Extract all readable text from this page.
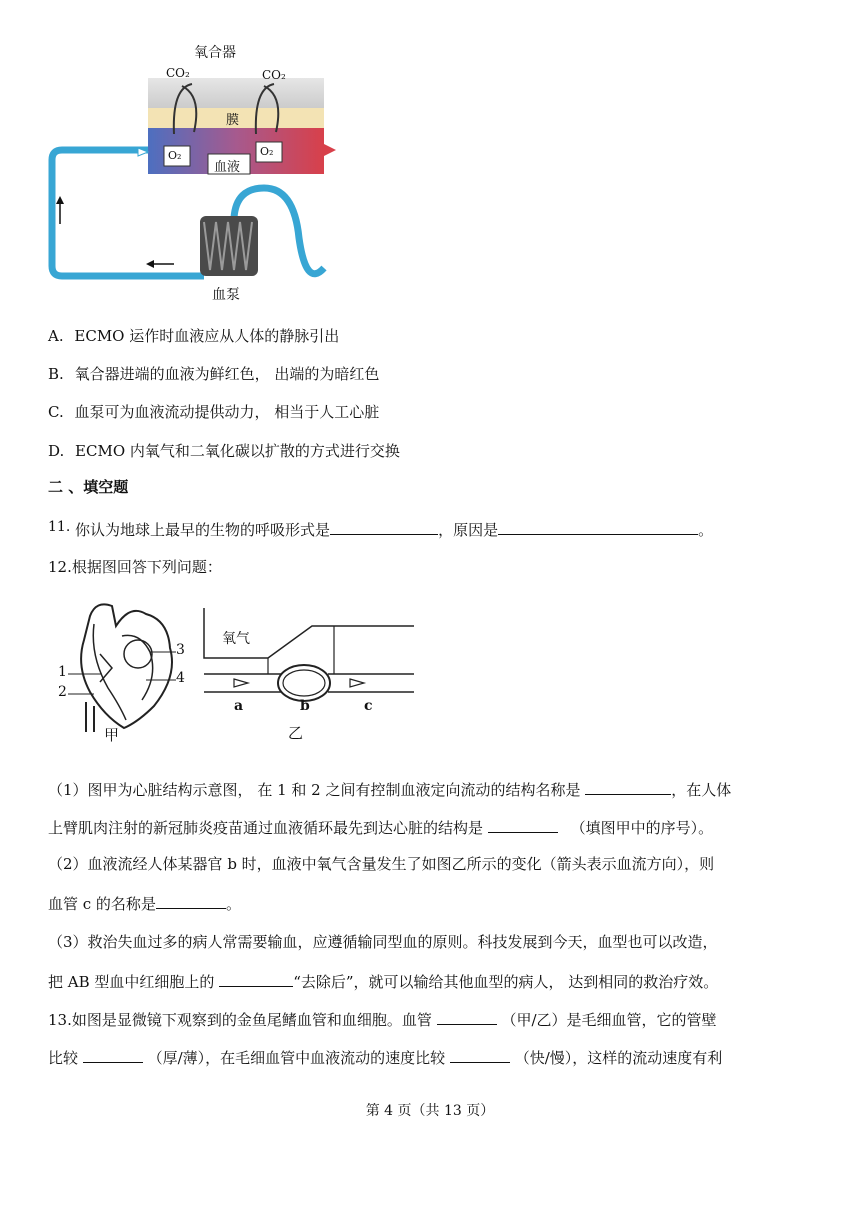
氧合器
CO₂	CO₂
膜
O₂	O₂
血液
血泵
A. ECMO 运作时血液应从人体的静脉引出
B. 氧合器进端的血液为鲜红色， 出端的为暗红色
C. 血泵可为血液流动提供动力， 相当于人工心脏
D. ECMO 内氧气和二氧化碳以扩散的方式进行交换
二 、填空题
11. 你认为地球上最早的生物的呼吸形式是	，原因是	。
12.根据图回答下列问题：
1
2
3
4
甲
氧气
a	b	c
乙
（1）图甲为心脏结构示意图， 在 1 和 2 之间有控制血液定向流动的结构名称是	，在人体
上臂肌肉注射的新冠肺炎疫苗通过血液循环最先到达心脏的结构是	（填图甲中的序号）。
（2）血液流经人体某器官 b 时，血液中氧气含量发生了如图乙所示的变化（箭头表示血流方向），则
血管 c 的名称是	。
（3）救治失血过多的病人常需要输血，应遵循输同型血的原则。科技发展到今天，血型也可以改造，
把 AB 型血中红细胞上的	“去除后”，就可以输给其他血型的病人， 达到相同的救治疗效。
13.如图是显微镜下观察到的金鱼尾鳍血管和血细胞。血管	（甲/乙）是毛细血管，它的管壁
比较	（厚/薄），在毛细血管中血液流动的速度比较	（快/慢），这样的流动速度有利
第 4 页（共 13 页）
